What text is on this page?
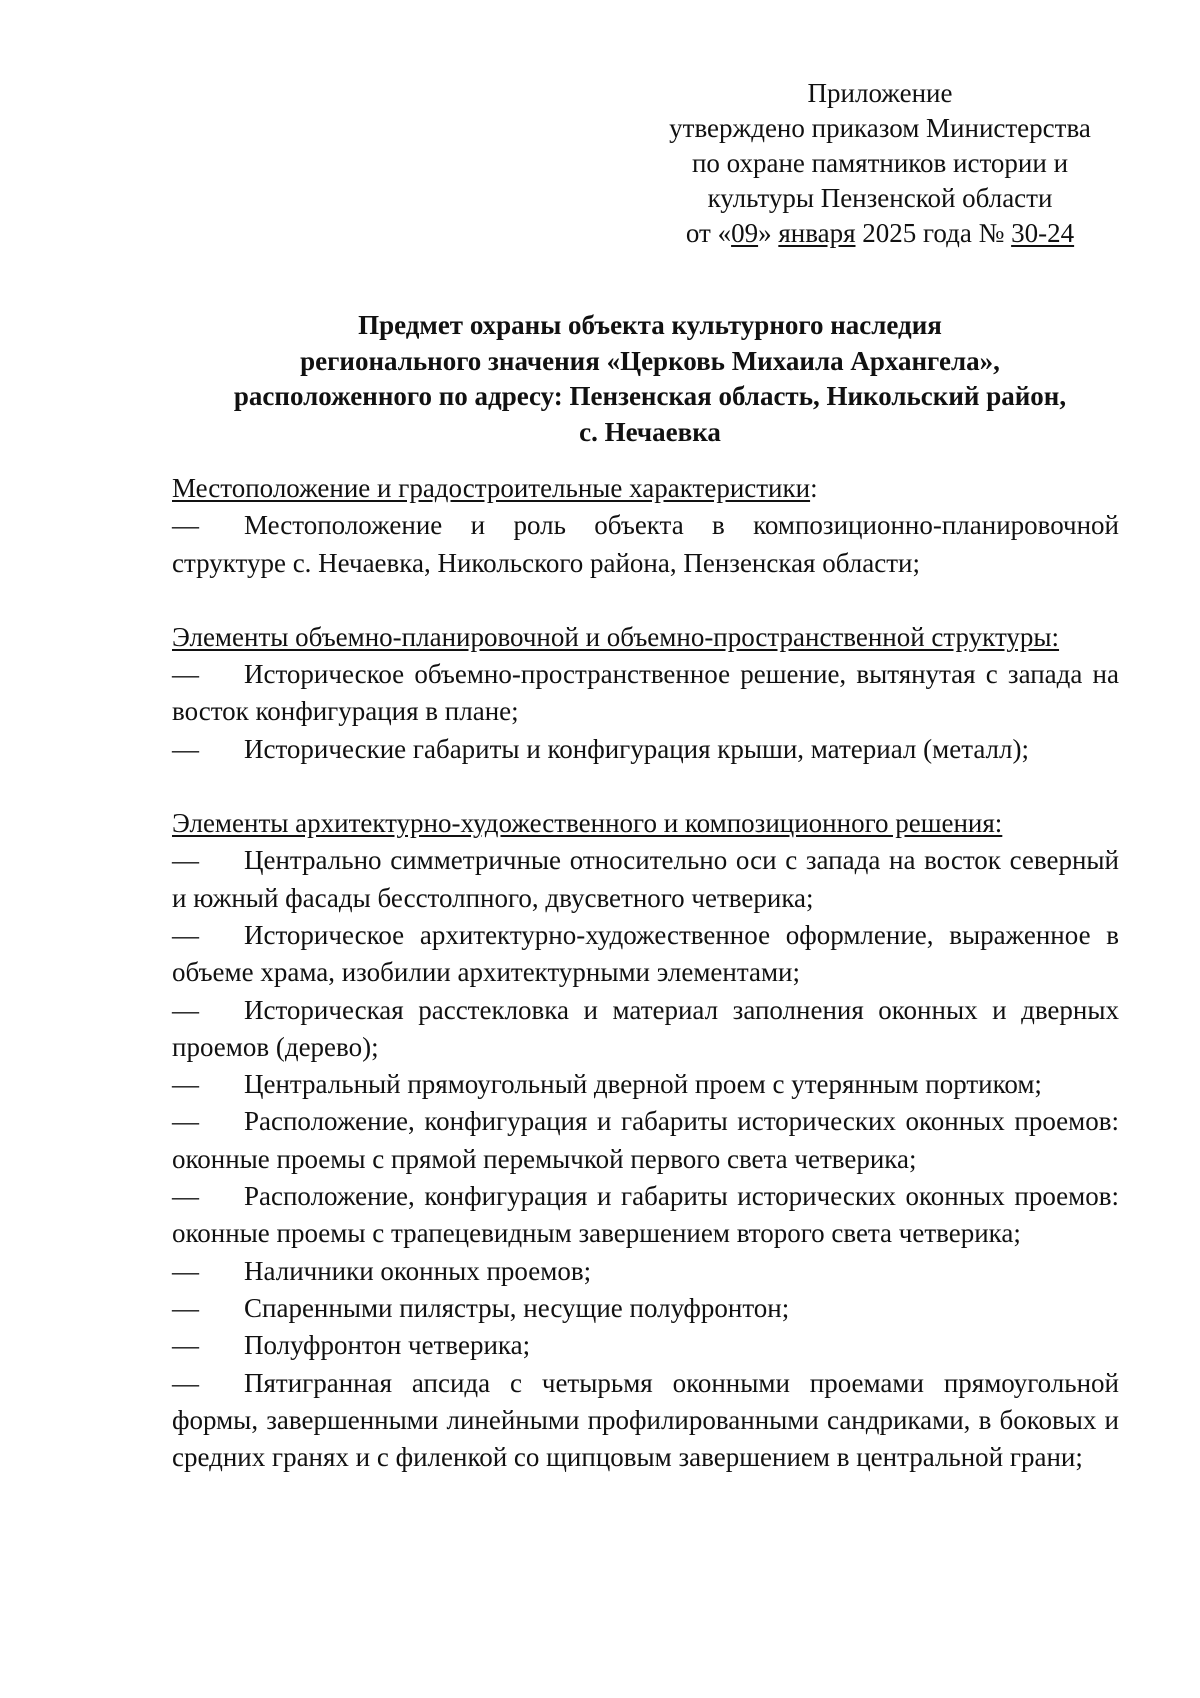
Приложение
утверждено приказом Министерства
по охране памятников истории и
культуры Пензенской области
от «09» января 2025 года № 30-24
Предмет охраны объекта культурного наследия
регионального значения «Церковь Михаила Архангела»,
расположенного по адресу: Пензенская область, Никольский район,
с. Нечаевка
Местоположение и градостроительные характеристики:
— Местоположение и роль объекта в композиционно-планировочной структуре с. Нечаевка, Никольского района, Пензенская области;
Элементы объемно-планировочной и объемно-пространственной структуры:
— Историческое объемно-пространственное решение, вытянутая с запада на восток конфигурация в плане;
— Исторические габариты и конфигурация крыши, материал (металл);
Элементы архитектурно-художественного и композиционного решения:
— Центрально симметричные относительно оси с запада на восток северный и южный фасады бесстолпного, двусветного четверика;
— Историческое архитектурно-художественное оформление, выраженное в объеме храма, изобилии архитектурными элементами;
— Историческая расстекловка и материал заполнения оконных и дверных проемов (дерево);
— Центральный прямоугольный дверной проем с утерянным портиком;
— Расположение, конфигурация и габариты исторических оконных проемов: оконные проемы с прямой перемычкой первого света четверика;
— Расположение, конфигурация и габариты исторических оконных проемов: оконные проемы с трапецевидным завершением второго света четверика;
— Наличники оконных проемов;
— Спаренными пилястры, несущие полуфронтон;
— Полуфронтон четверика;
— Пятигранная апсида с четырьмя оконными проемами прямоугольной формы, завершенными линейными профилированными сандриками, в боковых и средних гранях и с филенкой со щипцовым завершением в центральной грани;
